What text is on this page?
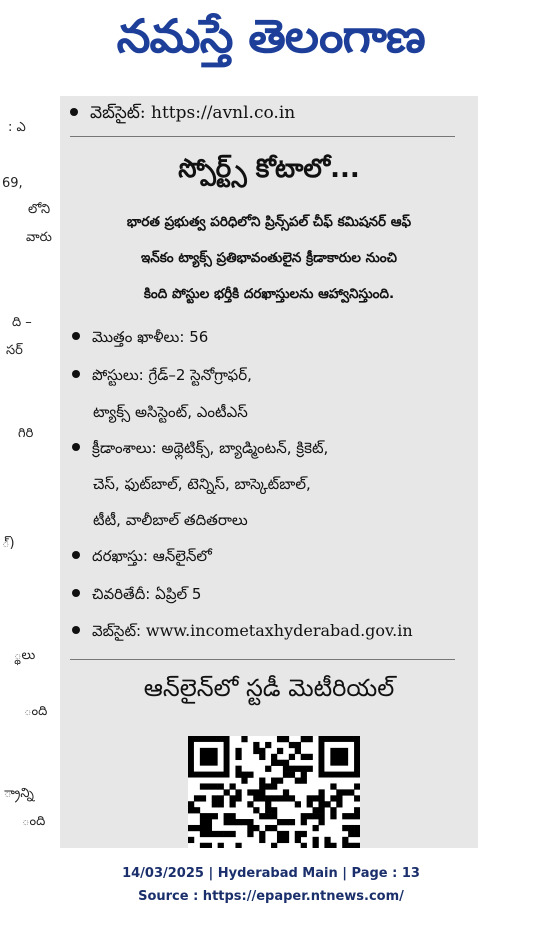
నమస్తే తెలంగాణ
: ఎ
69,
లోని
వారు
ది –
సర్
గిరి
్)
్థలు
ంది
్రాన్ని
ంది
వెబ్‌సైట్: https://avnl.co.in
స్పోర్ట్స్ కోటాలో...
భారత ప్రభుత్వ పరిధిలోని ప్రిన్స్‌పల్ చీఫ్ కమిషనర్ ఆఫ్
ఇన్‌కం ట్యాక్స్ ప్రతిభావంతులైన క్రీడాకారుల నుంచి
కింది పోస్టుల భర్తీకి దరఖాస్తులను ఆహ్వానిస్తుంది.
మొత్తం ఖాళీలు: 56
పోస్టులు: గ్రేడ్–2 స్టెనోగ్రాఫర్,
ట్యాక్స్ అసిస్టెంట్, ఎంటీఎస్
క్రీడాంశాలు: అథ్లెటిక్స్, బ్యాడ్మింటన్, క్రికెట్,
చెస్, ఫుట్‌బాల్, టెన్నిస్, బాస్కెట్‌బాల్,
టీటీ, వాలీబాల్ తదితరాలు
దరఖాస్తు: ఆన్‌లైన్‌లో
చివరితేదీ: ఏప్రిల్ 5
వెబ్‌సైట్: www.incometaxhyderabad.gov.in
ఆన్‌లైన్‌లో స్టడీ మెటీరియల్
14/03/2025 | Hyderabad Main | Page : 13
Source : https://epaper.ntnews.com/
